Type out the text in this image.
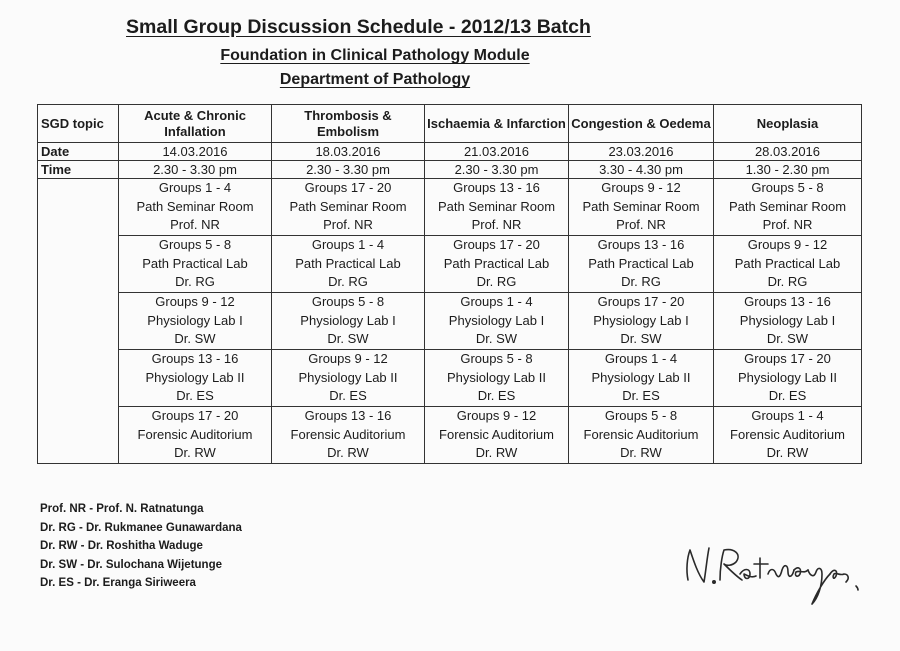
Small Group Discussion Schedule - 2012/13 Batch
Foundation in Clinical Pathology Module
Department of Pathology
SGD topic	Acute & Chronic
Infallation	Thrombosis & Embolism	Ischaemia & Infarction	Congestion & Oedema	Neoplasia

Date	14.03.2016	18.03.2016	21.03.2016	23.03.2016	28.03.2016
Time	2.30 - 3.30 pm	2.30 - 3.30 pm	2.30 - 3.30 pm	3.30 - 4.30 pm	1.30 - 2.30 pm

	Groups 1 - 4
Path Seminar Room
Prof. NR	Groups 17 - 20
Path Seminar Room
Prof. NR	Groups 13 - 16
Path Seminar Room
Prof. NR	Groups 9 - 12
Path Seminar Room
Prof. NR	Groups 5 - 8
Path Seminar Room
Prof. NR

	Groups 5 - 8
Path Practical Lab
Dr. RG	Groups 1 - 4
Path Practical Lab
Dr. RG	Groups 17 - 20
Path Practical Lab
Dr. RG	Groups 13 - 16
Path Practical Lab
Dr. RG	Groups 9 - 12
Path Practical Lab
Dr. RG

	Groups 9 - 12
Physiology Lab I
Dr. SW	Groups 5 - 8
Physiology Lab I
Dr. SW	Groups 1 - 4
Physiology Lab I
Dr. SW	Groups 17 - 20
Physiology Lab I
Dr. SW	Groups 13 - 16
Physiology Lab I
Dr. SW

	Groups 13 - 16
Physiology Lab II
Dr. ES	Groups 9 - 12
Physiology Lab II
Dr. ES	Groups 5 - 8
Physiology Lab II
Dr. ES	Groups 1 - 4
Physiology Lab II
Dr. ES	Groups 17 - 20
Physiology Lab II
Dr. ES

	Groups 17 - 20
Forensic Auditorium
Dr. RW	Groups 13 - 16
Forensic Auditorium
Dr. RW	Groups 9 - 12
Forensic Auditorium
Dr. RW	Groups 5 - 8
Forensic Auditorium
Dr. RW	Groups 1 - 4
Forensic Auditorium
Dr. RW
Prof. NR - Prof. N. Ratnatunga
Dr. RG - Dr. Rukmanee Gunawardana
Dr. RW - Dr. Roshitha Waduge
Dr. SW - Dr. Sulochana Wijetunge
Dr. ES - Dr. Eranga Siriweera
